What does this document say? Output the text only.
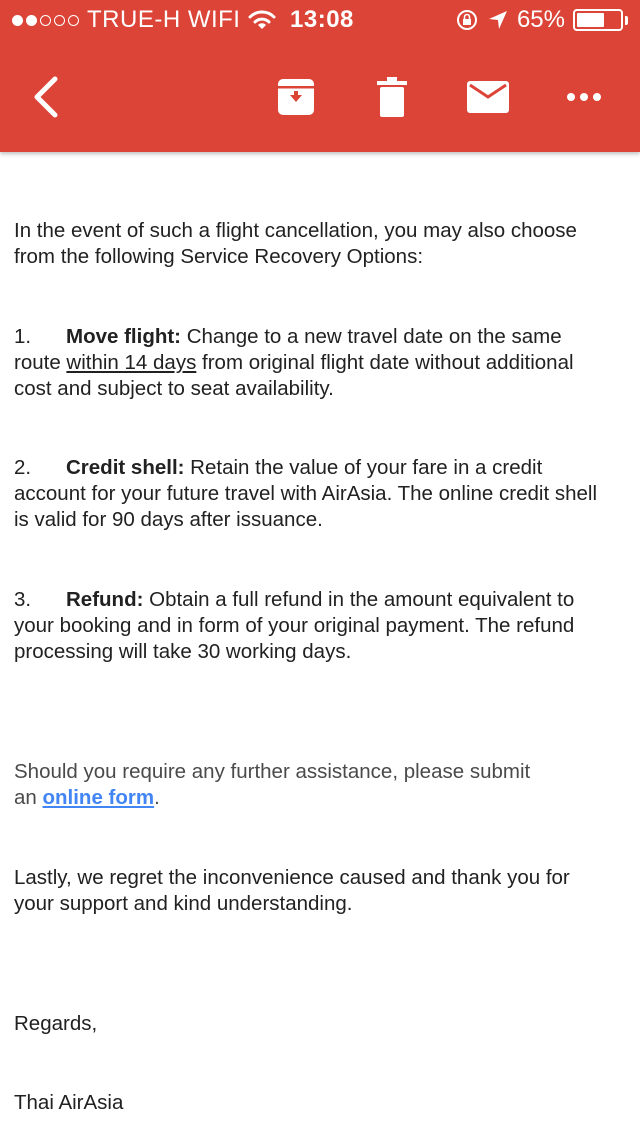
TRUE-H WIFI 13:08	65%

In the event of such a flight cancellation, you may also choose

from the following Service Recovery Options:

1. Move flight: Change to a new travel date on the same

route within 14 days from original flight date without additional

cost and subject to seat availability.

2. Credit shell: Retain the value of your fare in a credit

account for your future travel with AirAsia. The online credit shell

is valid for 90 days after issuance.

3. Refund: Obtain a full refund in the amount equivalent to

your booking and in form of your original payment. The refund

processing will take 30 working days.

Should you require any further assistance, please submit

an online form.

Lastly, we regret the inconvenience caused and thank you for

your support and kind understanding.

Regards,

Thai AirAsia
